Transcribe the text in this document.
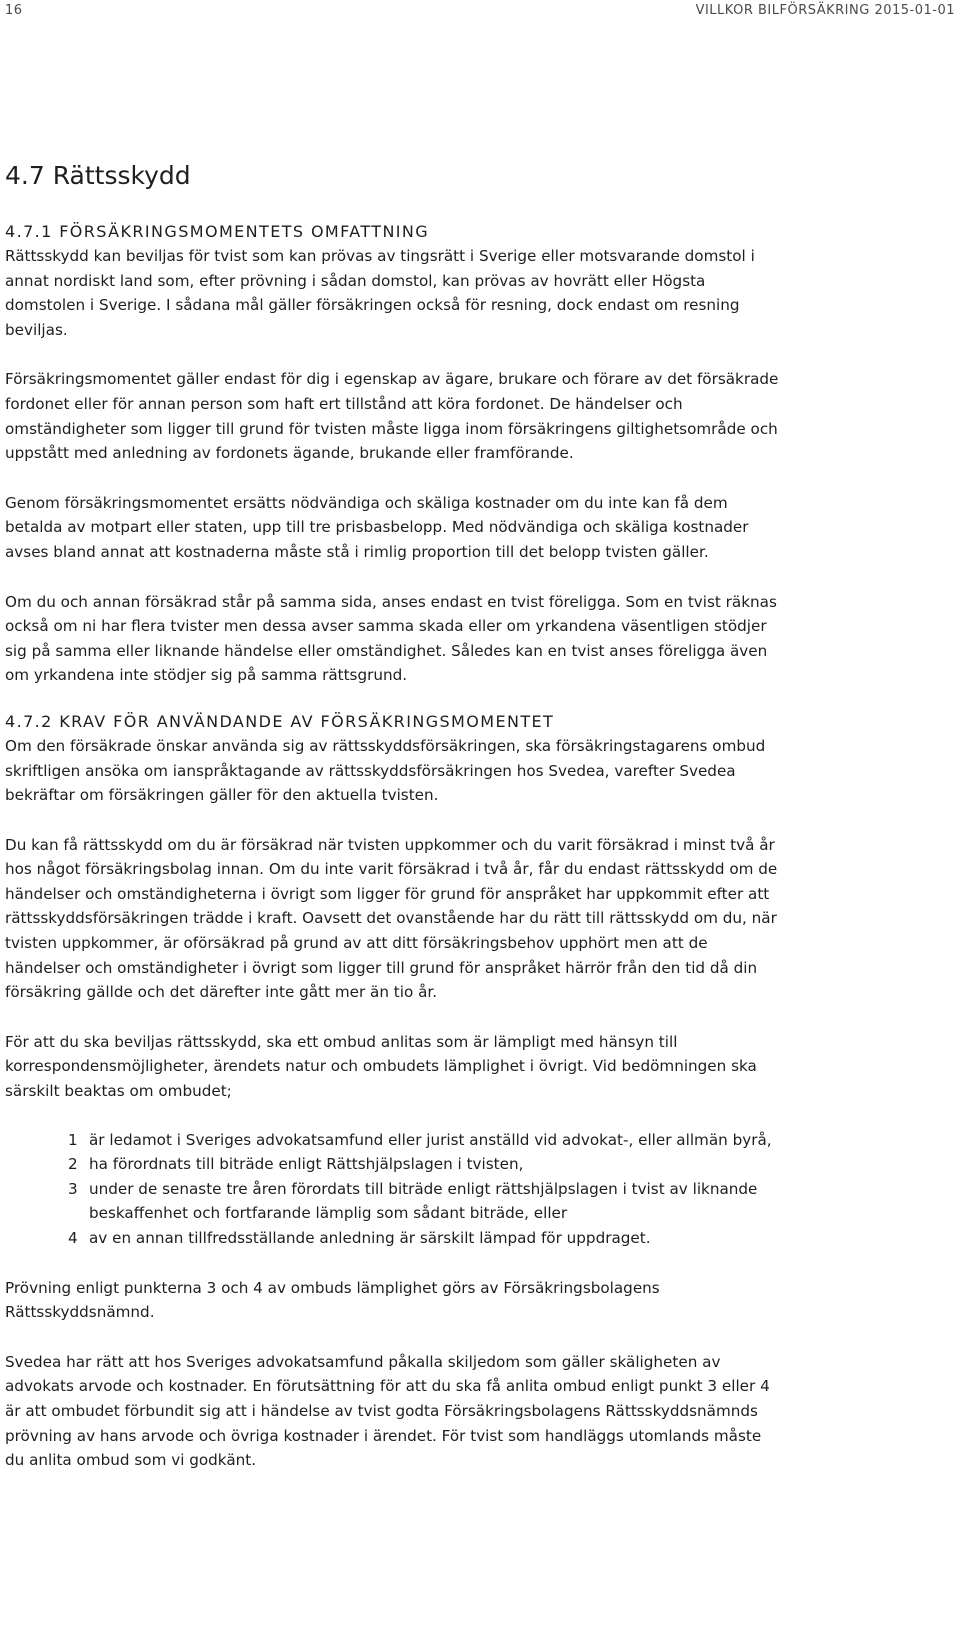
16	VILLKOR BILFÖRSÄKRING 2015-01-01
4.7 Rättsskydd
4.7.1 FÖRSÄKRINGSMOMENTETS OMFATTNING

Rättsskydd kan beviljas för tvist som kan prövas av tingsrätt i Sverige eller motsvarande domstol i annat nordiskt land som, efter prövning i sådan domstol, kan prövas av hovrätt eller Högsta domstolen i Sverige. I sådana mål gäller försäkringen också för resning, dock endast om resning beviljas.

Försäkringsmomentet gäller endast för dig i egenskap av ägare, brukare och förare av det försäkrade fordonet eller för annan person som haft ert tillstånd att köra fordonet. De händelser och omständigheter som ligger till grund för tvisten måste ligga inom försäkringens giltighetsområde och uppstått med anledning av fordonets ägande, brukande eller framförande.

Genom försäkringsmomentet ersätts nödvändiga och skäliga kostnader om du inte kan få dem betalda av motpart eller staten, upp till tre prisbasbelopp. Med nödvändiga och skäliga kostnader avses bland annat att kostnaderna måste stå i rimlig proportion till det belopp tvisten gäller.

Om du och annan försäkrad står på samma sida, anses endast en tvist föreligga. Som en tvist räknas också om ni har flera tvister men dessa avser samma skada eller om yrkandena väsentligen stödjer sig på samma eller liknande händelse eller omständighet. Således kan en tvist anses föreligga även om yrkandena inte stödjer sig på samma rättsgrund.

4.7.2 KRAV FÖR ANVÄNDANDE AV FÖRSÄKRINGSMOMENTET

Om den försäkrade önskar använda sig av rättsskyddsförsäkringen, ska försäkringstagarens ombud skriftligen ansöka om ianspråktagande av rättsskyddsförsäkringen hos Svedea, varefter Svedea bekräftar om försäkringen gäller för den aktuella tvisten.

Du kan få rättsskydd om du är försäkrad när tvisten uppkommer och du varit försäkrad i minst två år hos något försäkringsbolag innan. Om du inte varit försäkrad i två år, får du endast rättsskydd om de händelser och omständigheterna i övrigt som ligger för grund för anspråket har uppkommit efter att rättsskyddsförsäkringen trädde i kraft. Oavsett det ovanstående har du rätt till rättsskydd om du, när tvisten uppkommer, är oförsäkrad på grund av att ditt försäkringsbehov upphört men att de händelser och omständigheter i övrigt som ligger till grund för anspråket härrör från den tid då din försäkring gällde och det därefter inte gått mer än tio år.

För att du ska beviljas rättsskydd, ska ett ombud anlitas som är lämpligt med hänsyn till korrespondensmöjligheter, ärendets natur och ombudets lämplighet i övrigt. Vid bedömningen ska särskilt beaktas om ombudet;

1 är ledamot i Sveriges advokatsamfund eller jurist anställd vid advokat-, eller allmän byrå,
2 ha förordnats till biträde enligt Rättshjälpslagen i tvisten,
3 under de senaste tre åren förordats till biträde enligt rättshjälpslagen i tvist av liknande beskaffenhet och fortfarande lämplig som sådant biträde, eller
4 av en annan tillfredsställande anledning är särskilt lämpad för uppdraget.

Prövning enligt punkterna 3 och 4 av ombuds lämplighet görs av Försäkringsbolagens Rättsskyddsnämnd.

Svedea har rätt att hos Sveriges advokatsamfund påkalla skiljedom som gäller skäligheten av advokats arvode och kostnader. En förutsättning för att du ska få anlita ombud enligt punkt 3 eller 4 är att ombudet förbundit sig att i händelse av tvist godta Försäkringsbolagens Rättsskyddsnämnds prövning av hans arvode och övriga kostnader i ärendet. För tvist som handläggs utomlands måste du anlita ombud som vi godkänt.
